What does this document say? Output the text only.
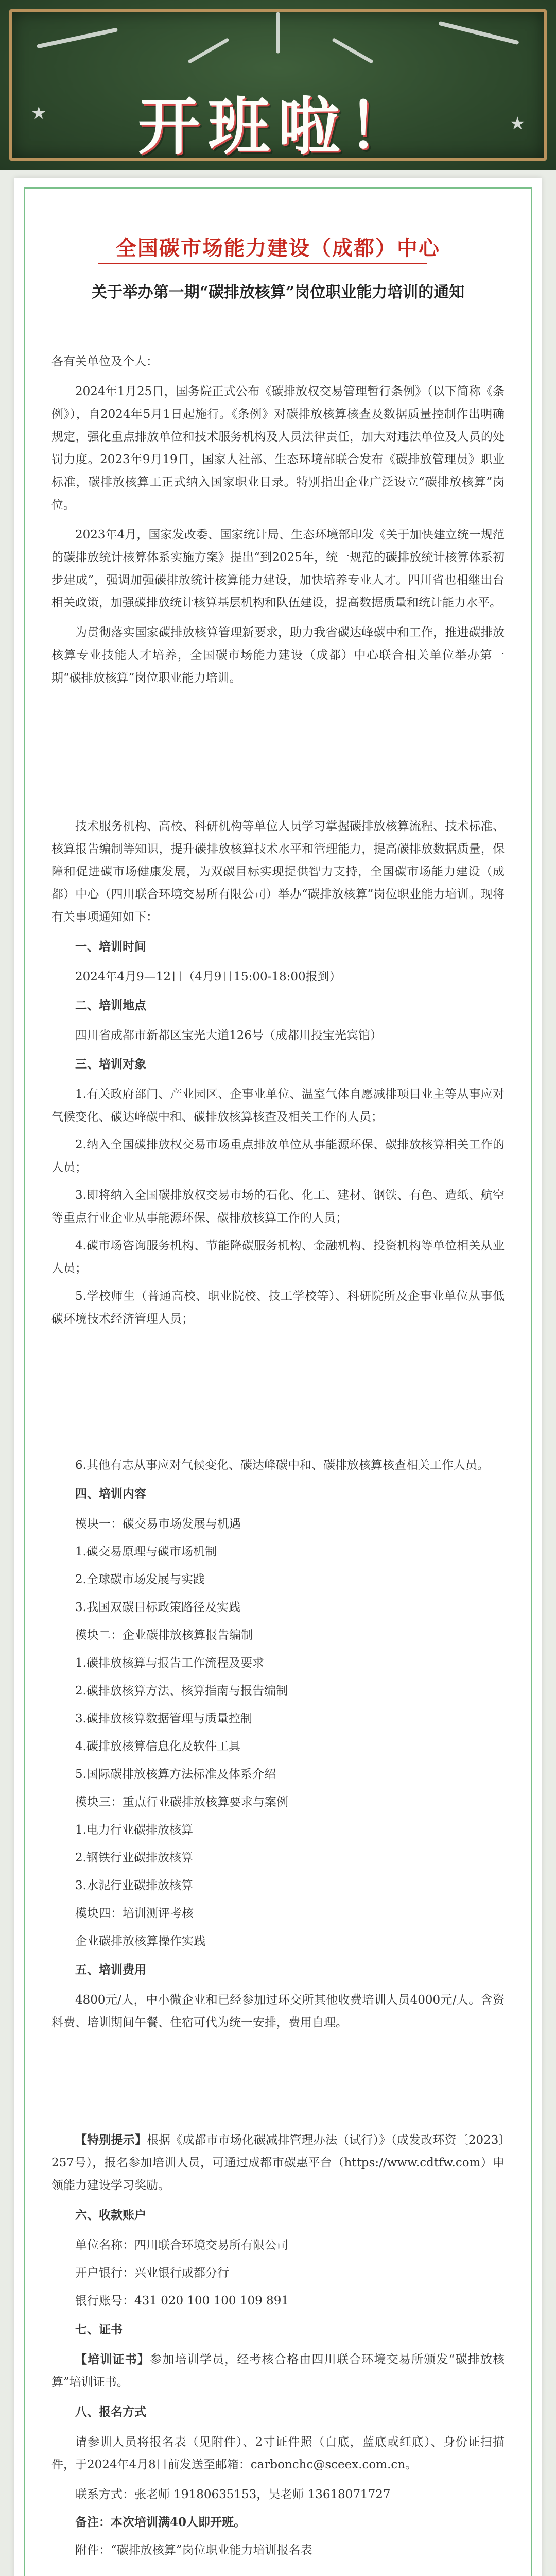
★	★
开班啦！
全国碳市场能力建设（成都）中心
关于举办第一期“碳排放核算”岗位职业能力培训的通知

各有关单位及个人：

2024年1月25日，国务院正式公布《碳排放权交易管理暂行条例》（以下简称《条例》），自2024年5月1日起施行。《条例》对碳排放核算核查及数据质量控制作出明确规定，强化重点排放单位和技术服务机构及人员法律责任，加大对违法单位及人员的处罚力度。2023年9月19日，国家人社部、生态环境部联合发布《碳排放管理员》职业标准，碳排放核算工正式纳入国家职业目录。特别指出企业广泛设立“碳排放核算”岗位。

2023年4月，国家发改委、国家统计局、生态环境部印发《关于加快建立统一规范的碳排放统计核算体系实施方案》提出“到2025年，统一规范的碳排放统计核算体系初步建成”，强调加强碳排放统计核算能力建设，加快培养专业人才。四川省也相继出台相关政策，加强碳排放统计核算基层机构和队伍建设，提高数据质量和统计能力水平。

为贯彻落实国家碳排放核算管理新要求，助力我省碳达峰碳中和工作，推进碳排放核算专业技能人才培养，全国碳市场能力建设（成都）中心联合相关单位举办第一期“碳排放核算”岗位职业能力培训。

技术服务机构、高校、科研机构等单位人员学习掌握碳排放核算流程、技术标准、核算报告编制等知识，提升碳排放核算技术水平和管理能力，提高碳排放数据质量，保障和促进碳市场健康发展，为双碳目标实现提供智力支持，全国碳市场能力建设（成都）中心（四川联合环境交易所有限公司）举办“碳排放核算”岗位职业能力培训。现将有关事项通知如下：

一、培训时间

2024年4月9—12日（4月9日15:00-18:00报到）

二、培训地点

四川省成都市新都区宝光大道126号（成都川投宝光宾馆）

三、培训对象

1.有关政府部门、产业园区、企事业单位、温室气体自愿减排项目业主等从事应对气候变化、碳达峰碳中和、碳排放核算核查及相关工作的人员；

2.纳入全国碳排放权交易市场重点排放单位从事能源环保、碳排放核算相关工作的人员；

3.即将纳入全国碳排放权交易市场的石化、化工、建材、钢铁、有色、造纸、航空等重点行业企业从事能源环保、碳排放核算工作的人员；

4.碳市场咨询服务机构、节能降碳服务机构、金融机构、投资机构等单位相关从业人员；

5.学校师生（普通高校、职业院校、技工学校等）、科研院所及企事业单位从事低碳环境技术经济管理人员；

6.其他有志从事应对气候变化、碳达峰碳中和、碳排放核算核查相关工作人员。

四、培训内容

模块一：碳交易市场发展与机遇

1.碳交易原理与碳市场机制

2.全球碳市场发展与实践

3.我国双碳目标政策路径及实践

模块二：企业碳排放核算报告编制

1.碳排放核算与报告工作流程及要求

2.碳排放核算方法、核算指南与报告编制

3.碳排放核算数据管理与质量控制

4.碳排放核算信息化及软件工具

5.国际碳排放核算方法标准及体系介绍

模块三：重点行业碳排放核算要求与案例

1.电力行业碳排放核算

2.钢铁行业碳排放核算

3.水泥行业碳排放核算

模块四：培训测评考核

企业碳排放核算操作实践

五、培训费用

4800元/人，中小微企业和已经参加过环交所其他收费培训人员4000元/人。含资料费、培训期间午餐、住宿可代为统一安排，费用自理。

【特别提示】根据《成都市市场化碳减排管理办法（试行）》（成发改环资〔2023〕257号），报名参加培训人员，可通过成都市碳惠平台（https://www.cdtfw.com）申领能力建设学习奖励。

六、收款账户

单位名称：四川联合环境交易所有限公司

开户银行：兴业银行成都分行

银行账号：431 020 100 100 109 891

七、证书

【培训证书】参加培训学员，经考核合格由四川联合环境交易所颁发“碳排放核算”培训证书。

八、报名方式

请参训人员将报名表（见附件）、2寸证件照（白底，蓝底或红底）、身份证扫描件，于2024年4月8日前发送至邮箱：carbonchc@sceex.com.cn。

联系方式：张老师 19180635153，吴老师 13618071727

备注：本次培训满40人即开班。

附件：“碳排放核算”岗位职业能力培训报名表
